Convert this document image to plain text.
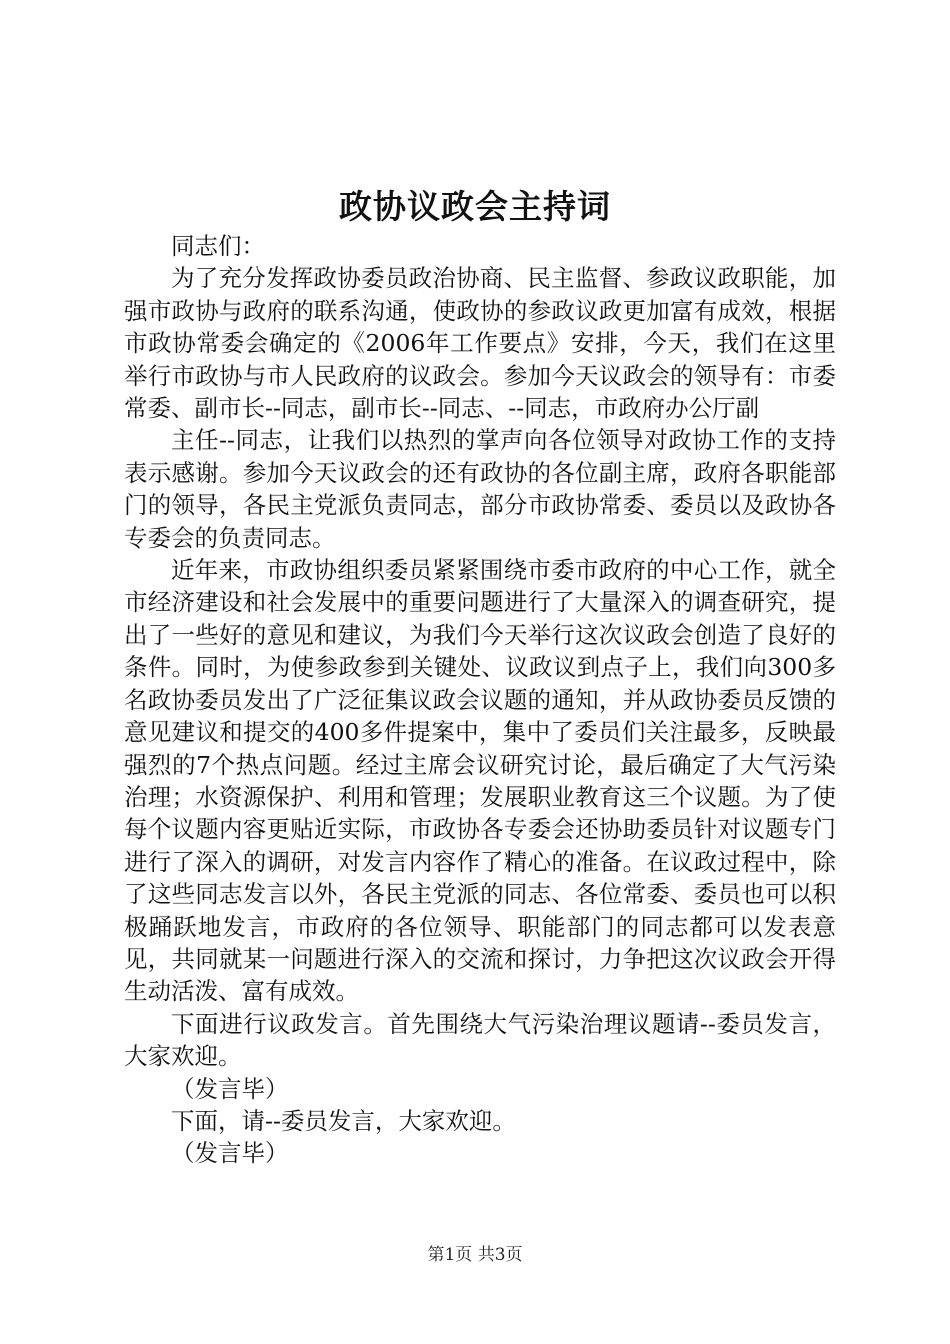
政协议政会主持词

同志们：

为了充分发挥政协委员政治协商、民主监督、参政议政职能，加强市政协与政府的联系沟通，使政协的参政议政更加富有成效，根据市政协常委会确定的《2006年工作要点》安排，今天，我们在这里举行市政协与市人民政府的议政会。参加今天议政会的领导有：市委常委、副市长--同志，副市长--同志、--同志，市政府办公厅副

主任--同志，让我们以热烈的掌声向各位领导对政协工作的支持表示感谢。参加今天议政会的还有政协的各位副主席，政府各职能部门的领导，各民主党派负责同志，部分市政协常委、委员以及政协各专委会的负责同志。

近年来，市政协组织委员紧紧围绕市委市政府的中心工作，就全市经济建设和社会发展中的重要问题进行了大量深入的调查研究，提出了一些好的意见和建议，为我们今天举行这次议政会创造了良好的条件。同时，为使参政参到关键处、议政议到点子上，我们向300多名政协委员发出了广泛征集议政会议题的通知，并从政协委员反馈的意见建议和提交的400多件提案中，集中了委员们关注最多，反映最强烈的7个热点问题。经过主席会议研究讨论，最后确定了大气污染治理；水资源保护、利用和管理；发展职业教育这三个议题。为了使每个议题内容更贴近实际，市政协各专委会还协助委员针对议题专门进行了深入的调研，对发言内容作了精心的准备。在议政过程中，除了这些同志发言以外，各民主党派的同志、各位常委、委员也可以积极踊跃地发言，市政府的各位领导、职能部门的同志都可以发表意见，共同就某一问题进行深入的交流和探讨，力争把这次议政会开得生动活泼、富有成效。

下面进行议政发言。首先围绕大气污染治理议题请--委员发言，大家欢迎。

（发言毕）

下面，请--委员发言，大家欢迎。

（发言毕）

第1页 共3页
